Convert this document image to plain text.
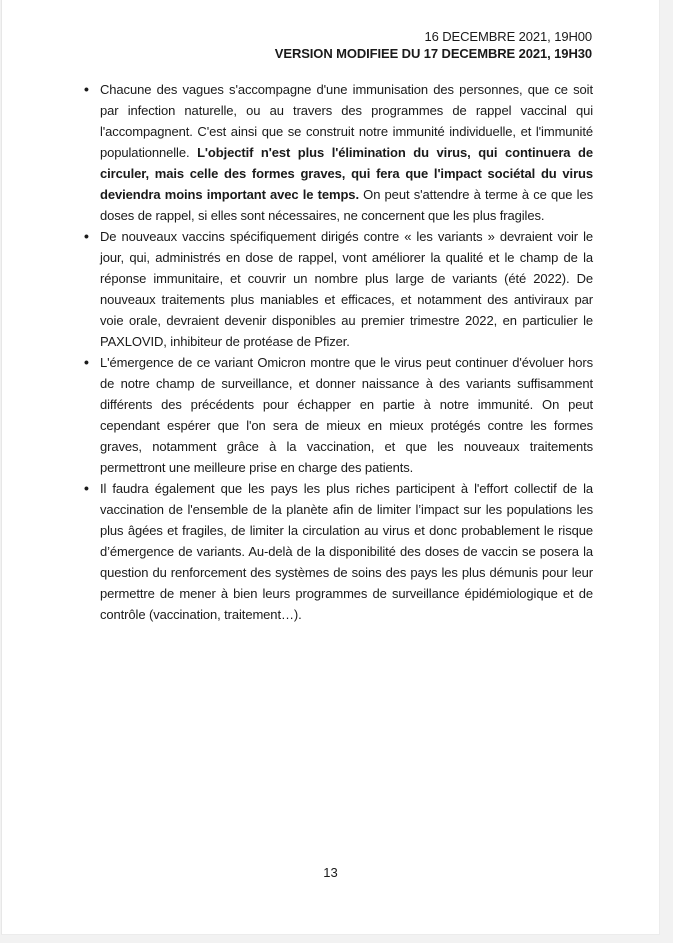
16 DECEMBRE 2021, 19H00
VERSION MODIFIEE DU 17 DECEMBRE 2021, 19H30
• Chacune des vagues s'accompagne d'une immunisation des personnes, que ce soit par infection naturelle, ou au travers des programmes de rappel vaccinal qui l'accompagnent. C'est ainsi que se construit notre immunité individuelle, et l'immunité populationnelle. L'objectif n'est plus l'élimination du virus, qui continuera de circuler, mais celle des formes graves, qui fera que l'impact sociétal du virus deviendra moins important avec le temps. On peut s'attendre à terme à ce que les doses de rappel, si elles sont nécessaires, ne concernent que les plus fragiles.
• De nouveaux vaccins spécifiquement dirigés contre « les variants » devraient voir le jour, qui, administrés en dose de rappel, vont améliorer la qualité et le champ de la réponse immunitaire, et couvrir un nombre plus large de variants (été 2022). De nouveaux traitements plus maniables et efficaces, et notamment des antiviraux par voie orale, devraient devenir disponibles au premier trimestre 2022, en particulier le PAXLOVID, inhibiteur de protéase de Pfizer.
• L'émergence de ce variant Omicron montre que le virus peut continuer d'évoluer hors de notre champ de surveillance, et donner naissance à des variants suffisamment différents des précédents pour échapper en partie à notre immunité. On peut cependant espérer que l'on sera de mieux en mieux protégés contre les formes graves, notamment grâce à la vaccination, et que les nouveaux traitements permettront une meilleure prise en charge des patients.
• Il faudra également que les pays les plus riches participent à l'effort collectif de la vaccination de l'ensemble de la planète afin de limiter l’impact sur les populations les plus âgées et fragiles, de limiter la circulation au virus et donc probablement le risque d’émergence de variants. Au-delà de la disponibilité des doses de vaccin se posera la question du renforcement des systèmes de soins des pays les plus démunis pour leur permettre de mener à bien leurs programmes de surveillance épidémiologique et de contrôle (vaccination, traitement…).
13
